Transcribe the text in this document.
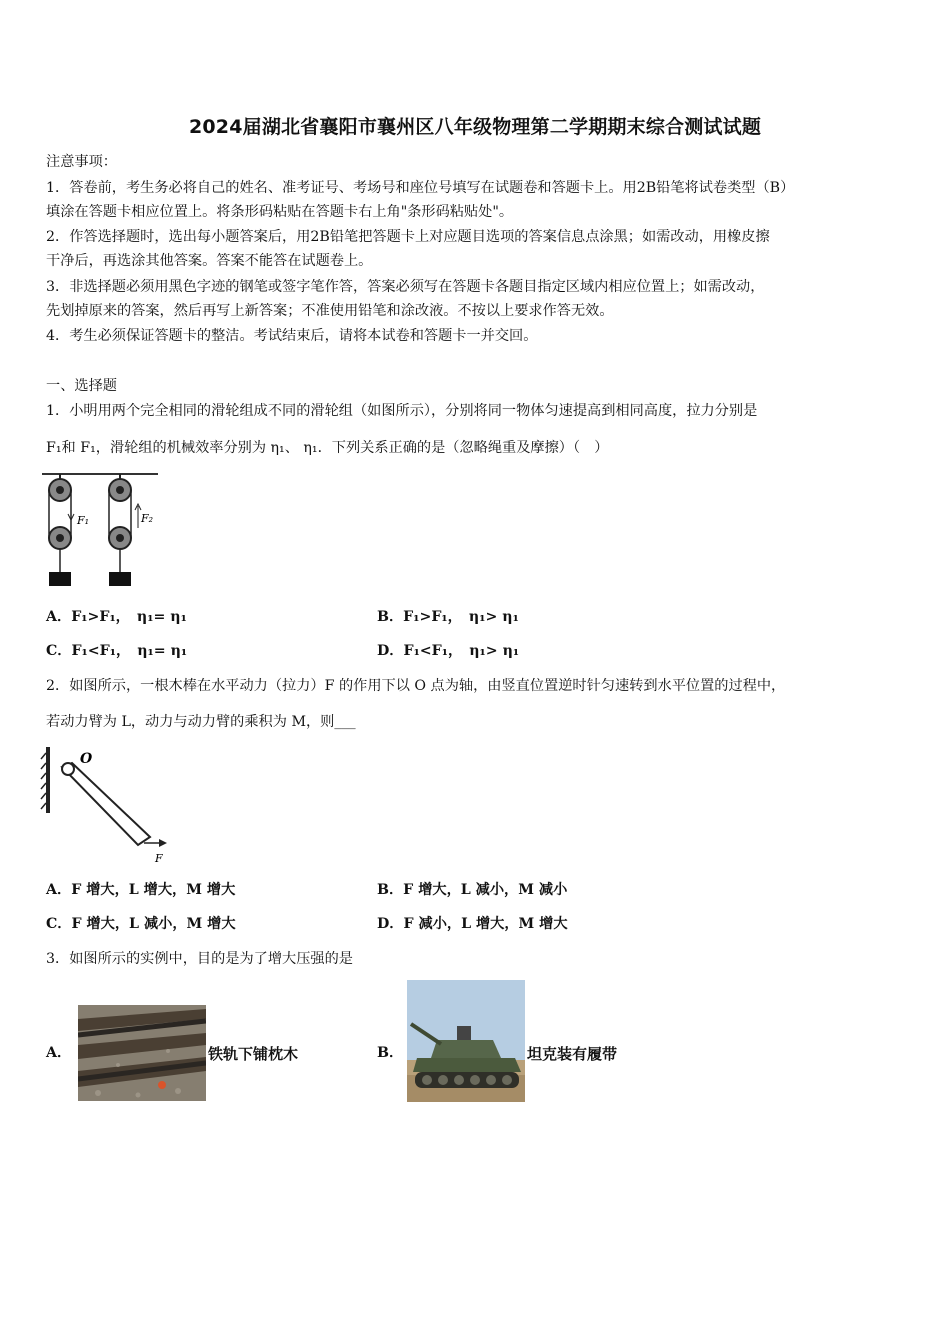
2024届湖北省襄阳市襄州区八年级物理第二学期期末综合测试试题
注意事项：
1．答卷前，考生务必将自己的姓名、准考证号、考场号和座位号填写在试题卷和答题卡上。用2B铅笔将试卷类型（B）
填涂在答题卡相应位置上。将条形码粘贴在答题卡右上角"条形码粘贴处"。
2．作答选择题时，选出每小题答案后，用2B铅笔把答题卡上对应题目选项的答案信息点涂黑；如需改动，用橡皮擦
干净后，再选涂其他答案。答案不能答在试题卷上。
3．非选择题必须用黑色字迹的钢笔或签字笔作答，答案必须写在答题卡各题目指定区域内相应位置上；如需改动，
先划掉原来的答案，然后再写上新答案；不准使用铅笔和涂改液。不按以上要求作答无效。
4．考生必须保证答题卡的整洁。考试结束后，请将本试卷和答题卡一并交回。
一、选择题
1．小明用两个完全相同的滑轮组成不同的滑轮组（如图所示），分别将同一物体匀速提高到相同高度，拉力分别是
F₁和 F₁，滑轮组的机械效率分别为 η₁、 η₁．下列关系正确的是（忽略绳重及摩擦）（　）
F₁	F₂
A．F₁>F₁，　η₁= η₁	B．F₁>F₁，　η₁> η₁
C．F₁<F₁，　η₁= η₁	D．F₁<F₁，　η₁> η₁
2．如图所示，一根木棒在水平动力（拉力）F 的作用下以 O 点为轴，由竖直位置逆时针匀速转到水平位置的过程中，
若动力臂为 L，动力与动力臂的乘积为 M，则___
O
F
A．F 增大，L 增大，M 增大	B．F 增大，L 减小，M 减小
C．F 增大，L 减小，M 增大	D．F 减小，L 增大，M 增大
3．如图所示的实例中，目的是为了增大压强的是
A．	铁轨下铺枕木	B．	坦克装有履带
